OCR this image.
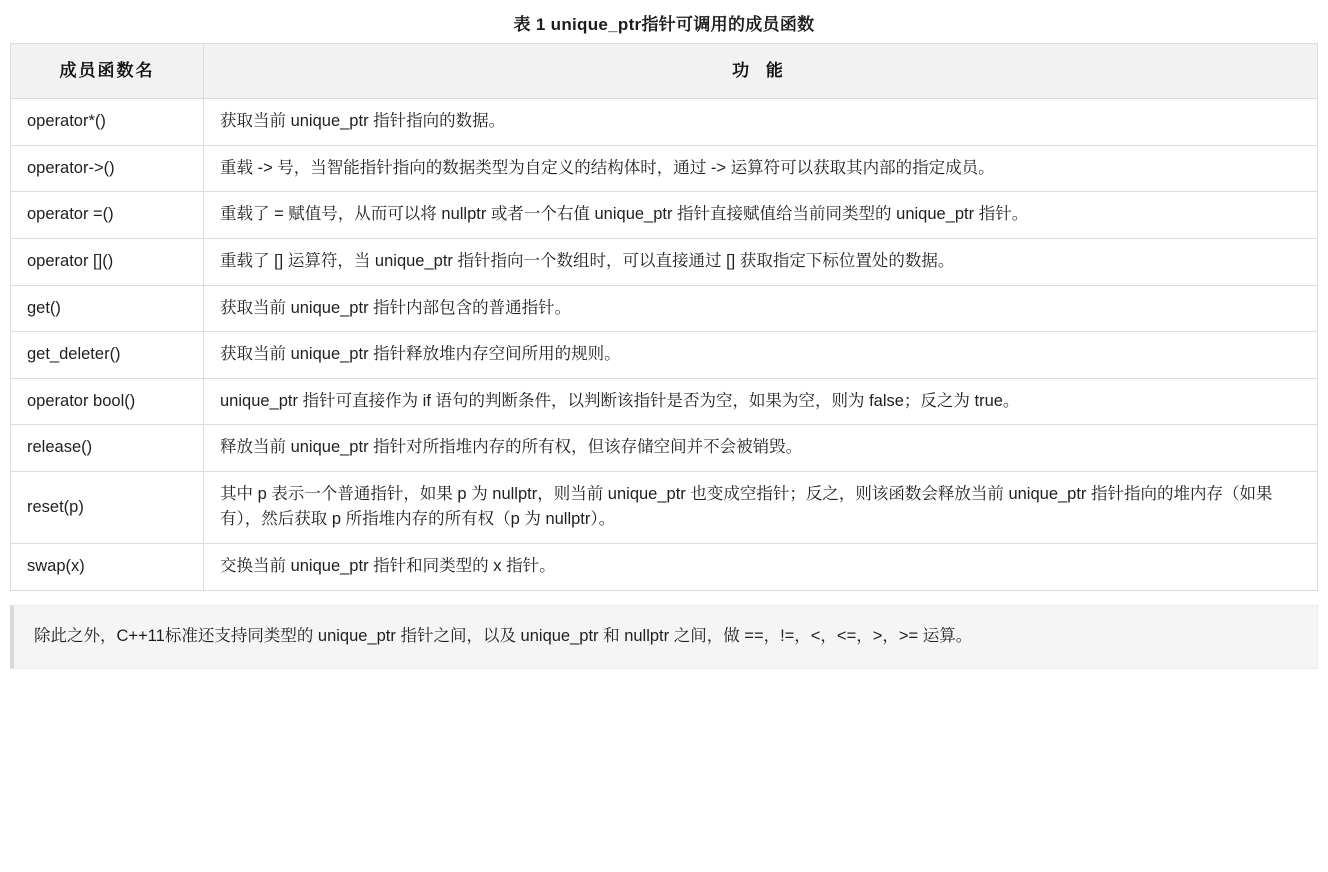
表 1 unique_ptr指针可调用的成员函数
成员函数名	功 能
operator*()	获取当前 unique_ptr 指针指向的数据。
operator->()	重载 -> 号，当智能指针指向的数据类型为自定义的结构体时，通过 -> 运算符可以获取其内部的指定成员。
operator =()	重载了 = 赋值号，从而可以将 nullptr 或者一个右值 unique_ptr 指针直接赋值给当前同类型的 unique_ptr 指针。
operator []()	重载了 [] 运算符，当 unique_ptr 指针指向一个数组时，可以直接通过 [] 获取指定下标位置处的数据。
get()	获取当前 unique_ptr 指针内部包含的普通指针。
get_deleter()	获取当前 unique_ptr 指针释放堆内存空间所用的规则。
operator bool()	unique_ptr 指针可直接作为 if 语句的判断条件，以判断该指针是否为空，如果为空，则为 false；反之为 true。
release()	释放当前 unique_ptr 指针对所指堆内存的所有权，但该存储空间并不会被销毁。
reset(p)	其中 p 表示一个普通指针，如果 p 为 nullptr，则当前 unique_ptr 也变成空指针；反之，则该函数会释放当前 unique_ptr 指针指向的堆内存（如果有），然后获取 p 所指堆内存的所有权（p 为 nullptr）。
swap(x)	交换当前 unique_ptr 指针和同类型的 x 指针。
除此之外，C++11标准还支持同类型的 unique_ptr 指针之间，以及 unique_ptr 和 nullptr 之间，做 ==，!=，<，<=，>，>= 运算。
